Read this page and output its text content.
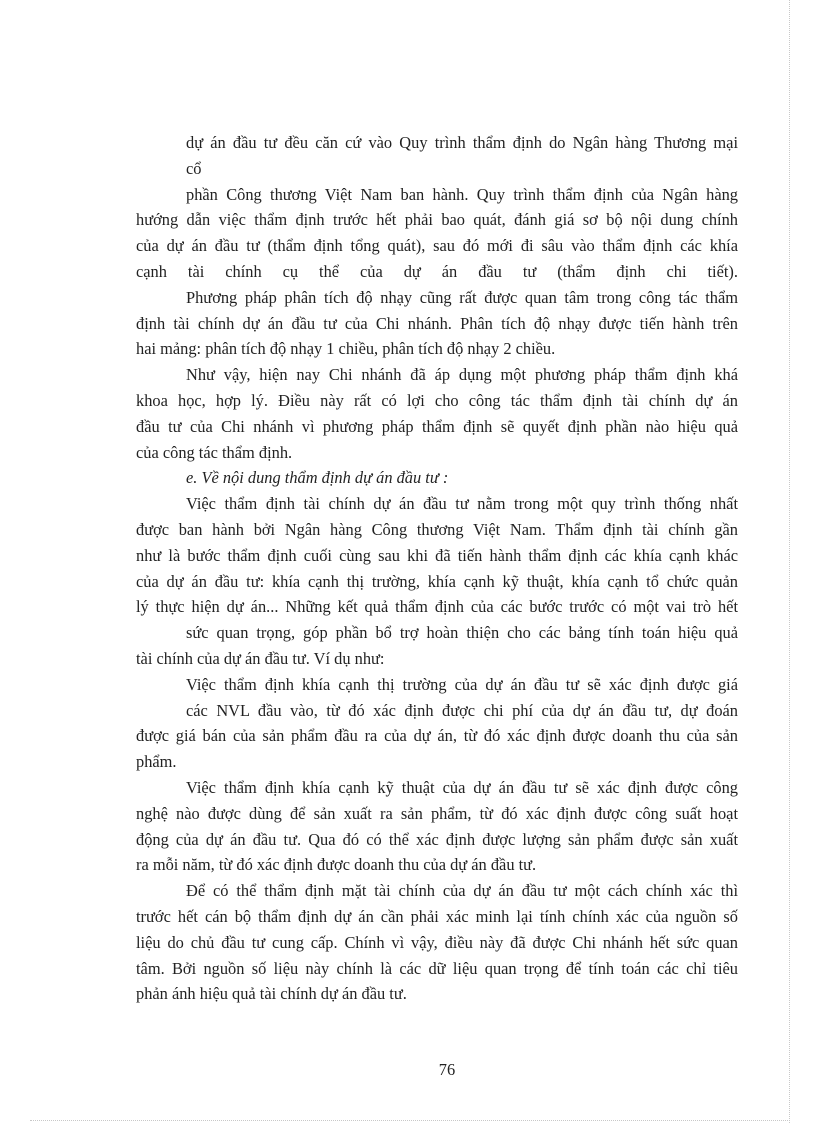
dự án đầu tư đều căn cứ vào Quy trình thẩm định do Ngân hàng Thương mại
cổ
phần Công thương Việt Nam ban hành. Quy trình thẩm định của Ngân hàng
hướng dẫn việc thẩm định trước hết phải bao quát, đánh giá sơ bộ nội dung chính
của dự án đầu tư (thẩm định tổng quát), sau đó mới đi sâu vào thẩm định các khía
cạnh tài chính cụ thể của dự án đầu tư (thẩm định chi tiết).
Phương pháp phân tích độ nhạy cũng rất được quan tâm trong công tác thẩm
định tài chính dự án đầu tư của Chi nhánh. Phân tích độ nhạy được tiến hành trên
hai mảng: phân tích độ nhạy 1 chiều, phân tích độ nhạy 2 chiều.
Như vậy, hiện nay Chi nhánh đã áp dụng một phương pháp thẩm định khá
khoa học, hợp lý. Điều này rất có lợi cho công tác thẩm định tài chính dự án
đầu tư của Chi nhánh vì phương pháp thẩm định sẽ quyết định phần nào hiệu quả
của công tác thẩm định.
e. Về nội dung thẩm định dự án đầu tư :
Việc thẩm định tài chính dự án đầu tư nằm trong một quy trình thống nhất
được ban hành bởi Ngân hàng Công thương Việt Nam. Thẩm định tài chính gần
như là bước thẩm định cuối cùng sau khi đã tiến hành thẩm định các khía cạnh khác
của dự án đầu tư: khía cạnh thị trường, khía cạnh kỹ thuật, khía cạnh tổ chức quản
lý thực hiện dự án... Những kết quả thẩm định của các bước trước có một vai trò hết
sức quan trọng, góp phần bổ trợ hoàn thiện cho các bảng tính toán hiệu quả
tài chính của dự án đầu tư. Ví dụ như:
Việc thẩm định khía cạnh thị trường của dự án đầu tư sẽ xác định được giá
các NVL đầu vào, từ đó xác định được chi phí của dự án đầu tư, dự đoán
được giá bán của sản phẩm đầu ra của dự án, từ đó xác định được doanh thu của sản
phẩm.
Việc thẩm định khía cạnh kỹ thuật của dự án đầu tư sẽ xác định được công
nghệ nào được dùng để sản xuất ra sản phẩm, từ đó xác định được công suất hoạt
động của dự án đầu tư. Qua đó có thể xác định được lượng sản phẩm được sản xuất
ra mỗi năm, từ đó xác định được doanh thu của dự án đầu tư.
Để có thể thẩm định mặt tài chính của dự án đầu tư một cách chính xác thì
trước hết cán bộ thẩm định dự án cần phải xác minh lại tính chính xác của nguồn số
liệu do chủ đầu tư cung cấp. Chính vì vậy, điều này đã được Chi nhánh hết sức quan
tâm. Bởi nguồn số liệu này chính là các dữ liệu quan trọng để tính toán các chỉ tiêu
phản ánh hiệu quả tài chính dự án đầu tư.
76
